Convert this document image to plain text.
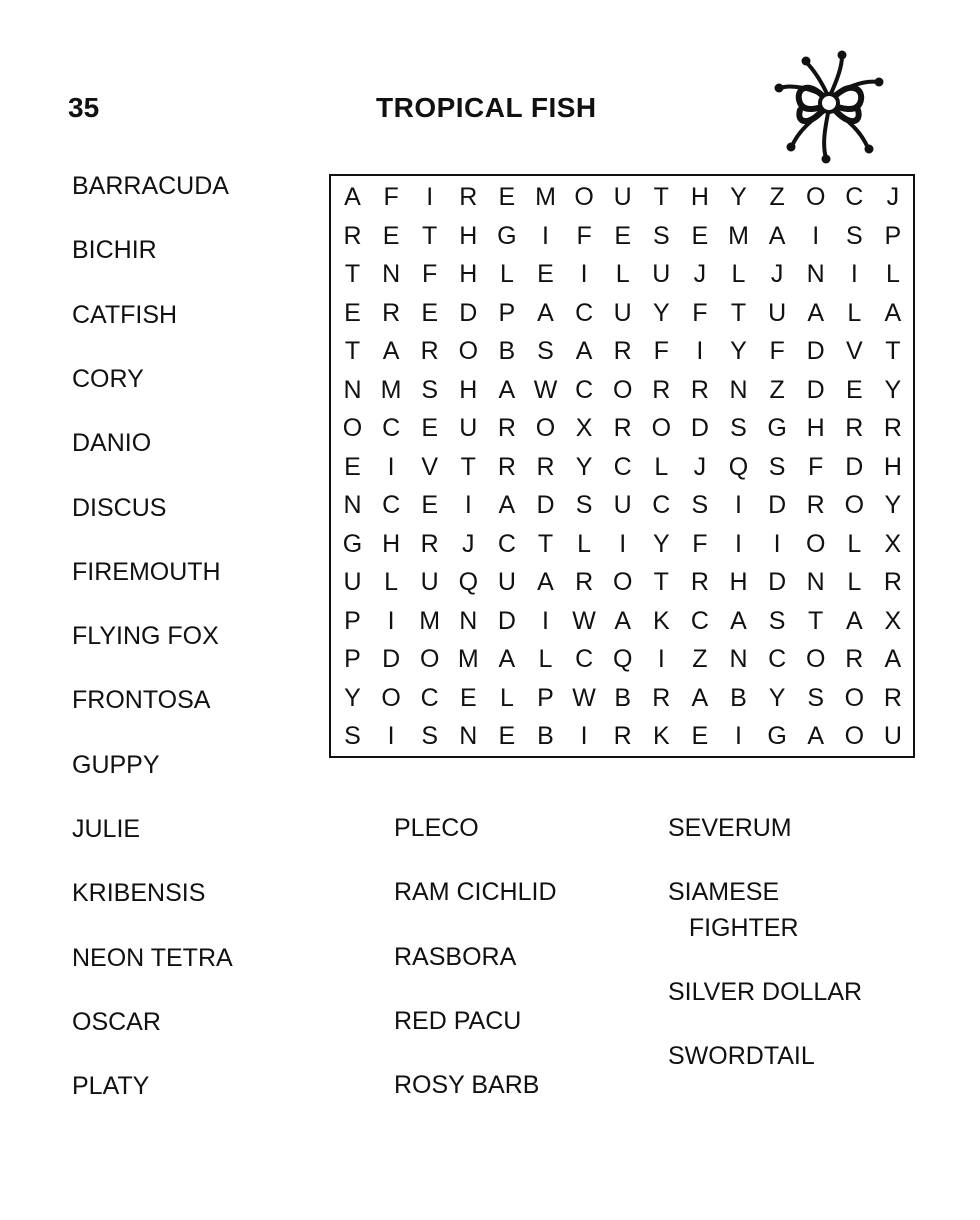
35	TROPICAL FISH
BARRACUDA
BICHIR
CATFISH
CORY
DANIO
DISCUS
FIREMOUTH
FLYING FOX
FRONTOSA
GUPPY
JULIE
KRIBENSIS
NEON TETRA
OSCAR
PLATY
PLECO
RAM CICHLID
RASBORA
RED PACU
ROSY BARB
SEVERUM
SIAMESE
FIGHTER
SILVER DOLLAR
SWORDTAIL
A F	I	R E M O U T H Y Z O C J
R E T H G	I	F E S E M A	I	S P
T N F H L E	I	L U J	L	J N	I	L
E R E D P A C U Y F T U A L A
T A R O B S A R F	I	Y F D V T
N M S H A W C O R R N Z D E Y
O C E U R O X R O D S G H R R
E	I	V T R R Y C L	J Q S F D H
N C E	I	A D S U C S	I	D R O Y
G H R J C T L	I	Y F	I	I	O L X
U L U Q U A R O T R H D N L R
P	I M N D	I W A K C A S T A X
P D O M A L C Q	I	Z N C O R A
Y O C E L P W B R A B Y S O R
S	I	S N E B	I	R K E	I	G A O U
